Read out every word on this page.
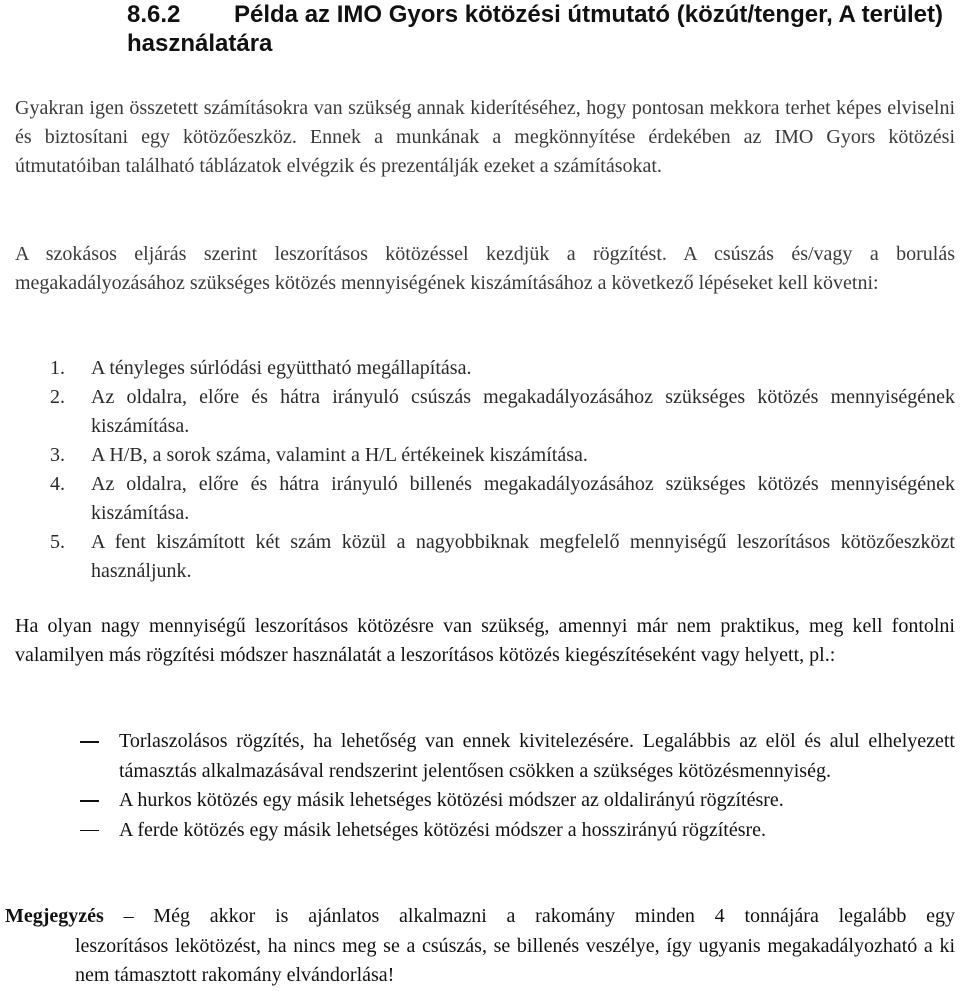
8.6.2 Példa az IMO Gyors kötözési útmutató (közút/tenger, A terület) használatára

Gyakran igen összetett számításokra van szükség annak kiderítéséhez, hogy pontosan mekkora terhet képes elviselni és biztosítani egy kötözőeszköz. Ennek a munkának a megkönnyítése érdekében az IMO Gyors kötözési útmutatóiban található táblázatok elvégzik és prezentálják ezeket a számításokat.

A szokásos eljárás szerint leszorításos kötözéssel kezdjük a rögzítést. A csúszás és/vagy a borulás megakadályozásához szükséges kötözés mennyiségének kiszámításához a következő lépéseket kell követni:

1. A tényleges súrlódási együttható megállapítása.
2. Az oldalra, előre és hátra irányuló csúszás megakadályozásához szükséges kötözés mennyiségének kiszámítása.
3. A H/B, a sorok száma, valamint a H/L értékeinek kiszámítása.
4. Az oldalra, előre és hátra irányuló billenés megakadályozásához szükséges kötözés mennyiségének kiszámítása.
5. A fent kiszámított két szám közül a nagyobbiknak megfelelő mennyiségű leszorításos kötözőeszközt használjunk.

Ha olyan nagy mennyiségű leszorításos kötözésre van szükség, amennyi már nem praktikus, meg kell fontolni valamilyen más rögzítési módszer használatát a leszorításos kötözés kiegészítéseként vagy helyett, pl.:

Torlaszolásos rögzítés, ha lehetőség van ennek kivitelezésére. Legalábbis az elöl és alul elhelyezett támasztás alkalmazásával rendszerint jelentősen csökken a szükséges kötözésmennyiség.
A hurkos kötözés egy másik lehetséges kötözési módszer az oldalirányú rögzítésre.
A ferde kötözés egy másik lehetséges kötözési módszer a hosszirányú rögzítésre.

Megjegyzés – Még akkor is ajánlatos alkalmazni a rakomány minden 4 tonnájára legalább egy
leszorításos lekötözést, ha nincs meg se a csúszás, se billenés veszélye, így ugyanis megakadályozható a ki nem támasztott rakomány elvándorlása!
